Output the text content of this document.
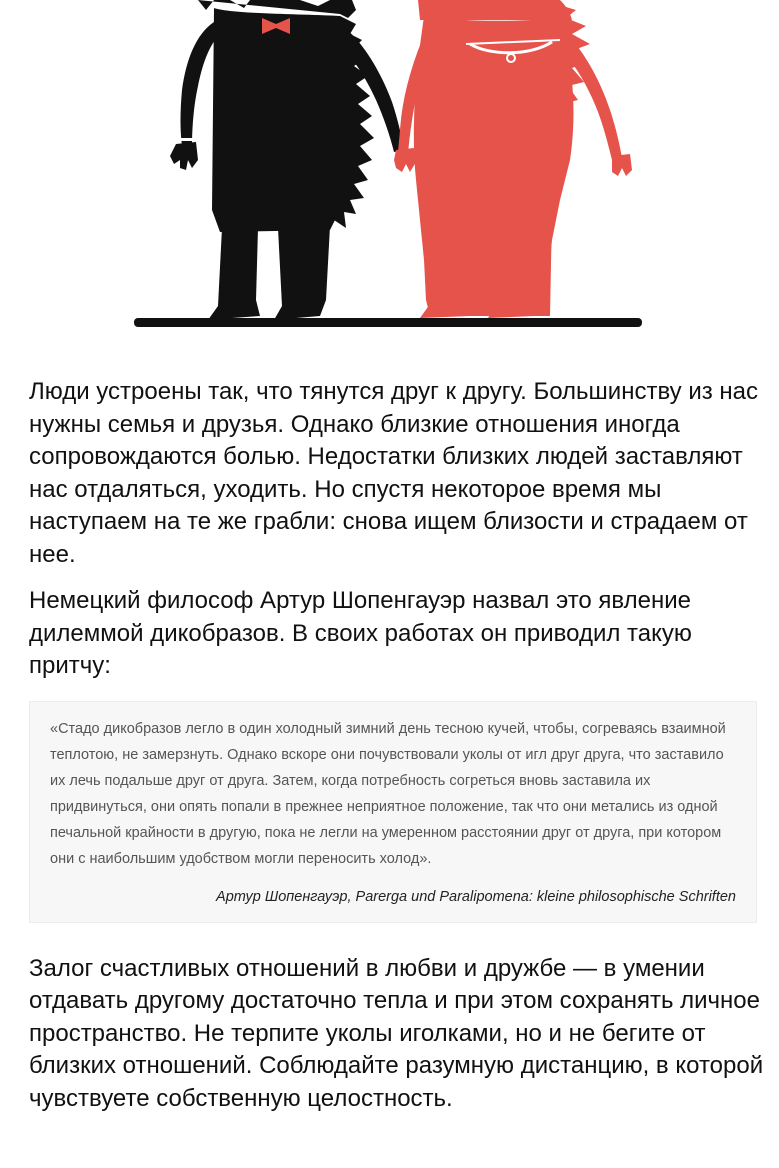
Люди устроены так, что тянутся друг к другу. Большинству из нас нужны семья и друзья. Однако близкие отношения иногда сопровождаются болью. Недостатки близких людей заставляют нас отдаляться, уходить. Но спустя некоторое время мы наступаем на те же грабли: снова ищем близости и страдаем от нее.

Немецкий философ Артур Шопенгауэр назвал это явление дилеммой дикобразов. В своих работах он приводил такую притчу:

«Стадо дикобразов легло в один холодный зимний день тесною кучей, чтобы, согреваясь взаимной теплотою, не замерзнуть. Однако вскоре они почувствовали уколы от игл друг друга, что заставило их лечь подальше друг от друга. Затем, когда потребность согреться вновь заставила их придвинуться, они опять попали в прежнее неприятное положение, так что они метались из одной печальной крайности в другую, пока не легли на умеренном расстоянии друг от друга, при котором они с наибольшим удобством могли переносить холод».

Артур Шопенгауэр, Parerga und Paralipomena: kleine philosophische Schriften

Залог счастливых отношений в любви и дружбе — в умении отдавать другому достаточно тепла и при этом сохранять личное пространство. Не терпите уколы иголками, но и не бегите от близких отношений. Соблюдайте разумную дистанцию, в которой чувствуете собственную целостность.
